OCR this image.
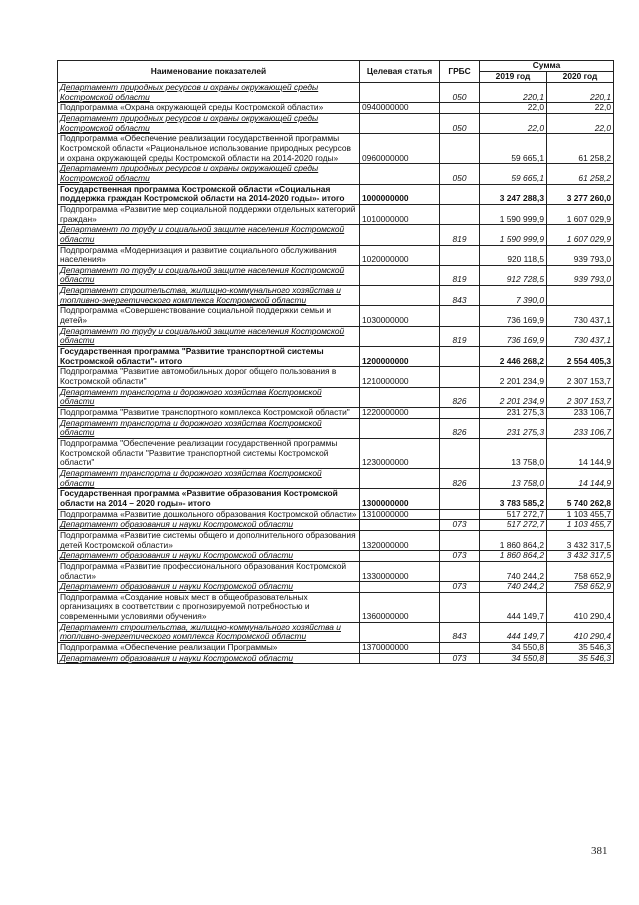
Наименование показателей	Целевая статья	ГРБС	Сумма	
			2019 год	2020 год
Департамент природных ресурсов и охраны окружающей среды Костромской области		050	220,1	220,1
Подпрограмма «Охрана окружающей среды Костромской области»	0940000000		22,0	22,0
Департамент природных ресурсов и охраны окружающей среды Костромской области		050	22,0	22,0
Подпрограмма «Обеспечение реализации государственной программы Костромской области «Рациональное использование природных ресурсов и охрана окружающей среды Костромской области на 2014-2020 годы»	0960000000		59 665,1	61 258,2
Департамент природных ресурсов и охраны окружающей среды Костромской области		050	59 665,1	61 258,2
Государственная программа Костромской области «Социальная поддержка граждан Костромской области на 2014-2020 годы»- итого	1000000000		3 247 288,3	3 277 260,0
Подпрограмма «Развитие мер социальной поддержки отдельных категорий граждан»	1010000000		1 590 999,9	1 607 029,9
Департамент по труду и социальной защите населения Костромской области		819	1 590 999,9	1 607 029,9
Подпрограмма «Модернизация и развитие социального обслуживания населения»	1020000000		920 118,5	939 793,0
Департамент по труду и социальной защите населения Костромской области		819	912 728,5	939 793,0
Департамент строительства, жилищно-коммунального хозяйства и топливно-энергетического комплекса Костромской области		843	7 390,0	
Подпрограмма «Совершенствование социальной поддержки семьи и детей»	1030000000		736 169,9	730 437,1
Департамент по труду и социальной защите населения Костромской области		819	736 169,9	730 437,1
Государственная программа "Развитие транспортной системы Костромской области"- итого	1200000000		2 446 268,2	2 554 405,3
Подпрограмма "Развитие автомобильных дорог общего пользования в Костромской области"	1210000000		2 201 234,9	2 307 153,7
Департамент транспорта и дорожного хозяйства Костромской области		826	2 201 234,9	2 307 153,7
Подпрограмма "Развитие транспортного комплекса Костромской области"	1220000000		231 275,3	233 106,7
Департамент транспорта и дорожного хозяйства Костромской области		826	231 275,3	233 106,7
Подпрограмма "Обеспечение реализации государственной программы Костромской области "Развитие транспортной системы Костромской области"	1230000000		13 758,0	14 144,9
Департамент транспорта и дорожного хозяйства Костромской области		826	13 758,0	14 144,9
Государственная программа «Развитие образования Костромской области на 2014 – 2020 годы»- итого	1300000000		3 783 585,2	5 740 262,8
Подпрограмма «Развитие дошкольного образования Костромской области»	1310000000		517 272,7	1 103 455,7
Департамент образования и науки Костромской области		073	517 272,7	1 103 455,7
Подпрограмма «Развитие системы общего и дополнительного образования детей Костромской области»	1320000000		1 860 864,2	3 432 317,5
Департамент образования и науки Костромской области		073	1 860 864,2	3 432 317,5
Подпрограмма «Развитие профессионального образования Костромской области»	1330000000		740 244,2	758 652,9
Департамент образования и науки Костромской области		073	740 244,2	758 652,9
Подпрограмма «Создание новых мест в общеобразовательных организациях в соответствии с прогнозируемой потребностью и современными условиями обучения»	1360000000		444 149,7	410 290,4
Департамент строительства, жилищно-коммунального хозяйства и топливно-энергетического комплекса Костромской области		843	444 149,7	410 290,4
Подпрограмма «Обеспечение реализации Программы»	1370000000		34 550,8	35 546,3
Департамент образования и науки Костромской области		073	34 550,8	35 546,3
381
